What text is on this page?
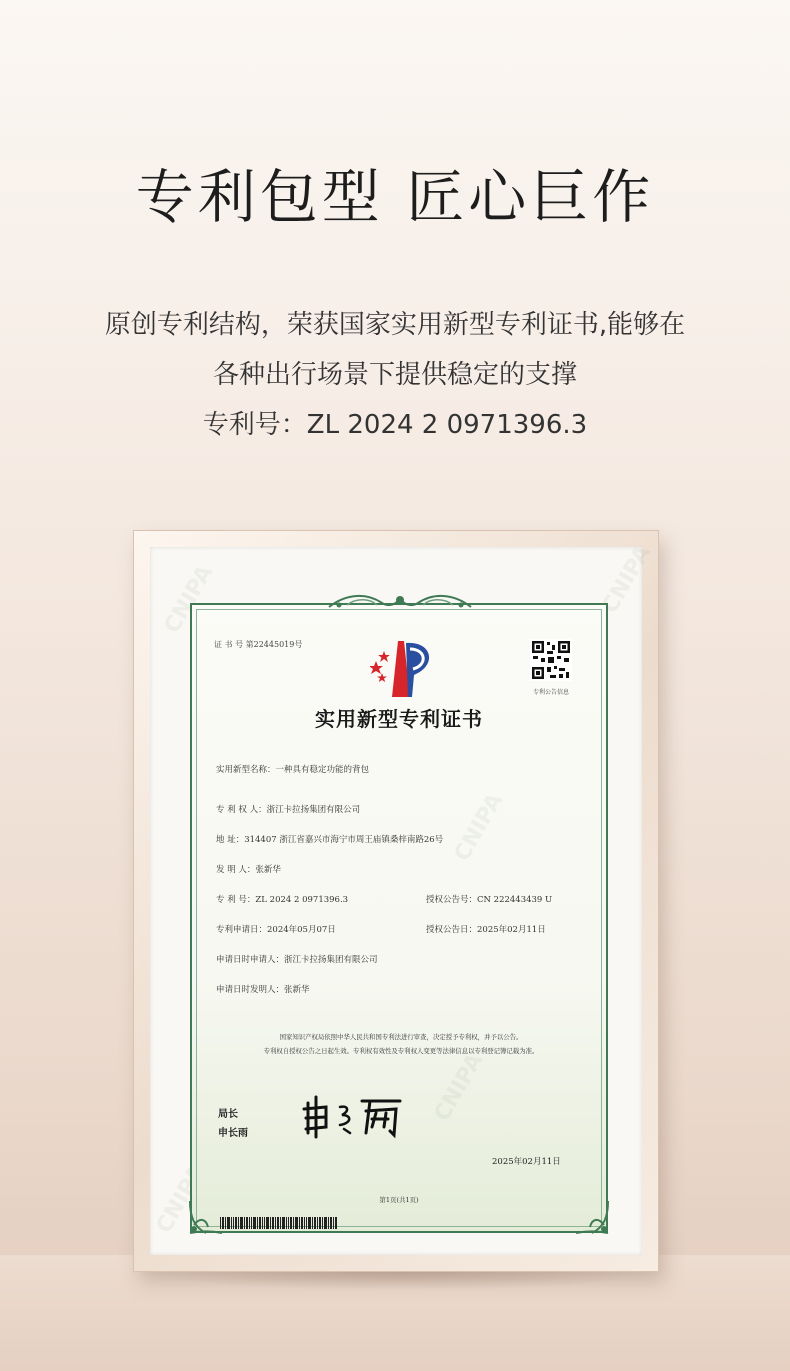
专利包型 匠心巨作
原创专利结构，荣获国家实用新型专利证书,能够在
各种出行场景下提供稳定的支撑
专利号：ZL 2024 2 0971396.3
CNIPA	CNIPA
CNIPA
证 书 号 第22445019号
专利公告信息
实用新型专利证书
实用新型名称：一种具有稳定功能的背包
专 利 权 人：浙江卡拉扬集团有限公司
地 址：314407 浙江省嘉兴市海宁市周王庙镇桑梓南路26号
发 明 人：张新华
专 利 号：ZL 2024 2 0971396.3	授权公告号：CN 222443439 U
专利申请日：2024年05月07日	授权公告日：2025年02月11日
申请日时申请人：浙江卡拉扬集团有限公司
申请日时发明人：张新华
国家知识产权局依照中华人民共和国专利法进行审查，决定授予专利权，并予以公告。
专利权自授权公告之日起生效。专利权有效性及专利权人变更等法律信息以专利登记簿记载为准。
局长
申长雨
2025年02月11日
第1页(共1页)
CNIPA
CNIPA
